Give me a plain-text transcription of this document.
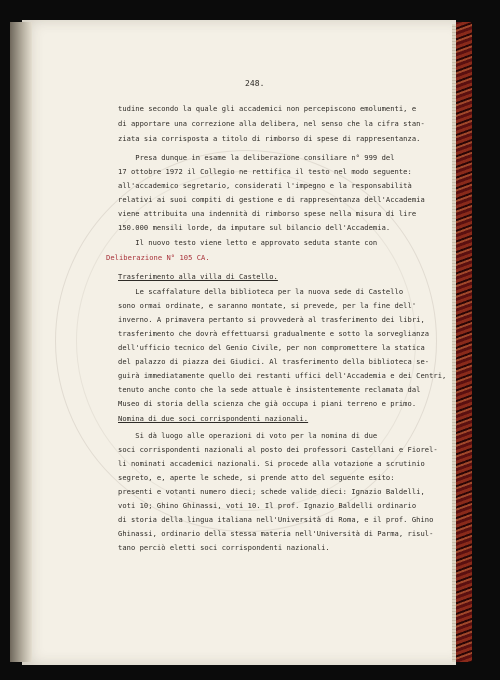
248.
tudine secondo la quale gli accademici non percepiscono emolumenti, e
di apportare una correzione alla delibera, nel senso che la cifra stan-
ziata sia corrisposta a titolo di rimborso di spese di rappresentanza.
Presa dunque in esame la deliberazione consiliare n° 999 del
17 ottobre 1972 il Collegio ne rettifica il testo nel modo seguente:
all'accademico segretario, considerati l'impegno e la responsabilità
relativi ai suoi compiti di gestione e di rappresentanza dell'Accademia
viene attribuita una indennità di rimborso spese nella misura di lire
150.000 mensili lorde, da imputare sul bilancio dell'Accademia.
Il nuovo testo viene letto e approvato seduta stante con
Deliberazione N° 105 CA.
Trasferimento alla villa di Castello.
Le scaffalature della biblioteca per la nuova sede di Castello
sono ormai ordinate, e saranno montate, si prevede, per la fine dell'
inverno. A primavera pertanto si provvederà al trasferimento dei libri,
trasferimento che dovrà effettuarsi gradualmente e sotto la sorveglianza
dell'ufficio tecnico del Genio Civile, per non compromettere la statica
del palazzo di piazza dei Giudici. Al trasferimento della biblioteca se-
guirà immediatamente quello dei restanti uffici dell'Accademia e dei Centri,
tenuto anche conto che la sede attuale è insistentemente reclamata dal
Museo di storia della scienza che già occupa i piani terreno e primo.
Nomina di due soci corrispondenti nazionali.
Si dà luogo alle operazioni di voto per la nomina di due
soci corrispondenti nazionali al posto dei professori Castellani e Fiorel-
li nominati accademici nazionali. Si procede alla votazione a scrutinio
segreto, e, aperte le schede, si prende atto del seguente esito:
presenti e votanti numero dieci; schede valide dieci: Ignazio Baldelli,
voti 10; Ghino Ghinassi, voti 10. Il prof. Ignazio Baldelli ordinario
di storia della lingua italiana nell'Università di Roma, e il prof. Ghino
Ghinassi, ordinario della stessa materia nell'Università di Parma, risul-
tano perciò eletti soci corrispondenti nazionali.
